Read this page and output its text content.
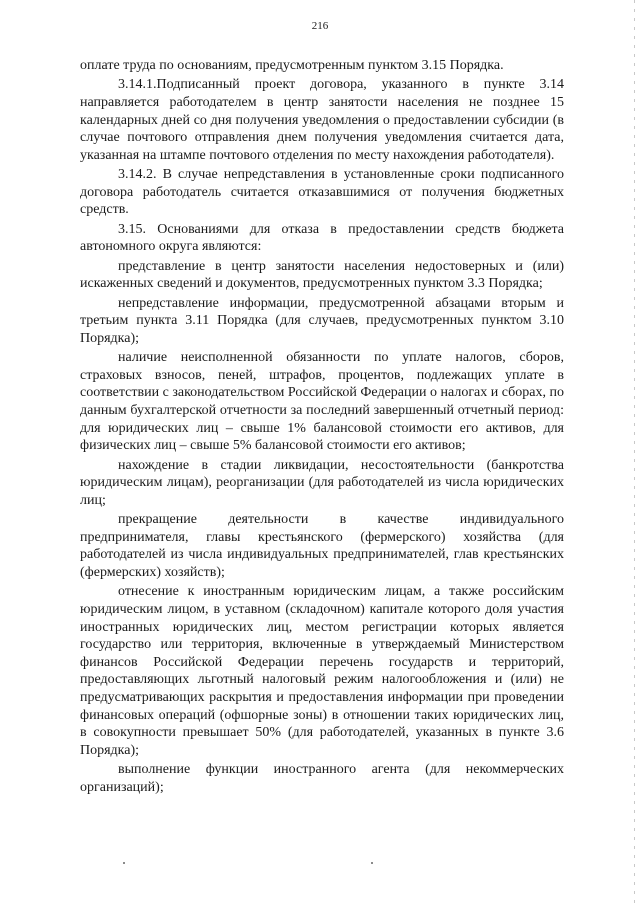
216

оплате труда по основаниям, предусмотренным пунктом 3.15 Порядка.

3.14.1.Подписанный проект договора, указанного в пункте 3.14 направляется работодателем в центр занятости населения не позднее 15 календарных дней со дня получения уведомления о предоставлении субсидии (в случае почтового отправления днем получения уведомления считается дата, указанная на штампе почтового отделения по месту нахождения работодателя).

3.14.2. В случае непредставления в установленные сроки подписанного договора работодатель считается отказавшимися от получения бюджетных средств.

3.15. Основаниями для отказа в предоставлении средств бюджета автономного округа являются:

представление в центр занятости населения недостоверных и (или) искаженных сведений и документов, предусмотренных пунктом 3.3 Порядка;

непредставление информации, предусмотренной абзацами вторым и третьим пункта 3.11 Порядка (для случаев, предусмотренных пунктом 3.10 Порядка);

наличие неисполненной обязанности по уплате налогов, сборов, страховых взносов, пеней, штрафов, процентов, подлежащих уплате в соответствии с законодательством Российской Федерации о налогах и сборах, по данным бухгалтерской отчетности за последний завершенный отчетный период: для юридических лиц – свыше 1% балансовой стоимости его активов, для физических лиц – свыше 5% балансовой стоимости его активов;

нахождение в стадии ликвидации, несостоятельности (банкротства юридическим лицам), реорганизации (для работодателей из числа юридических лиц;

прекращение деятельности в качестве индивидуального предпринимателя, главы крестьянского (фермерского) хозяйства (для работодателей из числа индивидуальных предпринимателей, глав крестьянских (фермерских) хозяйств);

отнесение к иностранным юридическим лицам, а также российским юридическим лицом, в уставном (складочном) капитале которого доля участия иностранных юридических лиц, местом регистрации которых является государство или территория, включенные в утверждаемый Министерством финансов Российской Федерации перечень государств и территорий, предоставляющих льготный налоговый режим налогообложения и (или) не предусматривающих раскрытия и предоставления информации при проведении финансовых операций (офшорные зоны) в отношении таких юридических лиц, в совокупности превышает 50% (для работодателей, указанных в пункте 3.6 Порядка);

выполнение функции иностранного агента (для некоммерческих организаций);
